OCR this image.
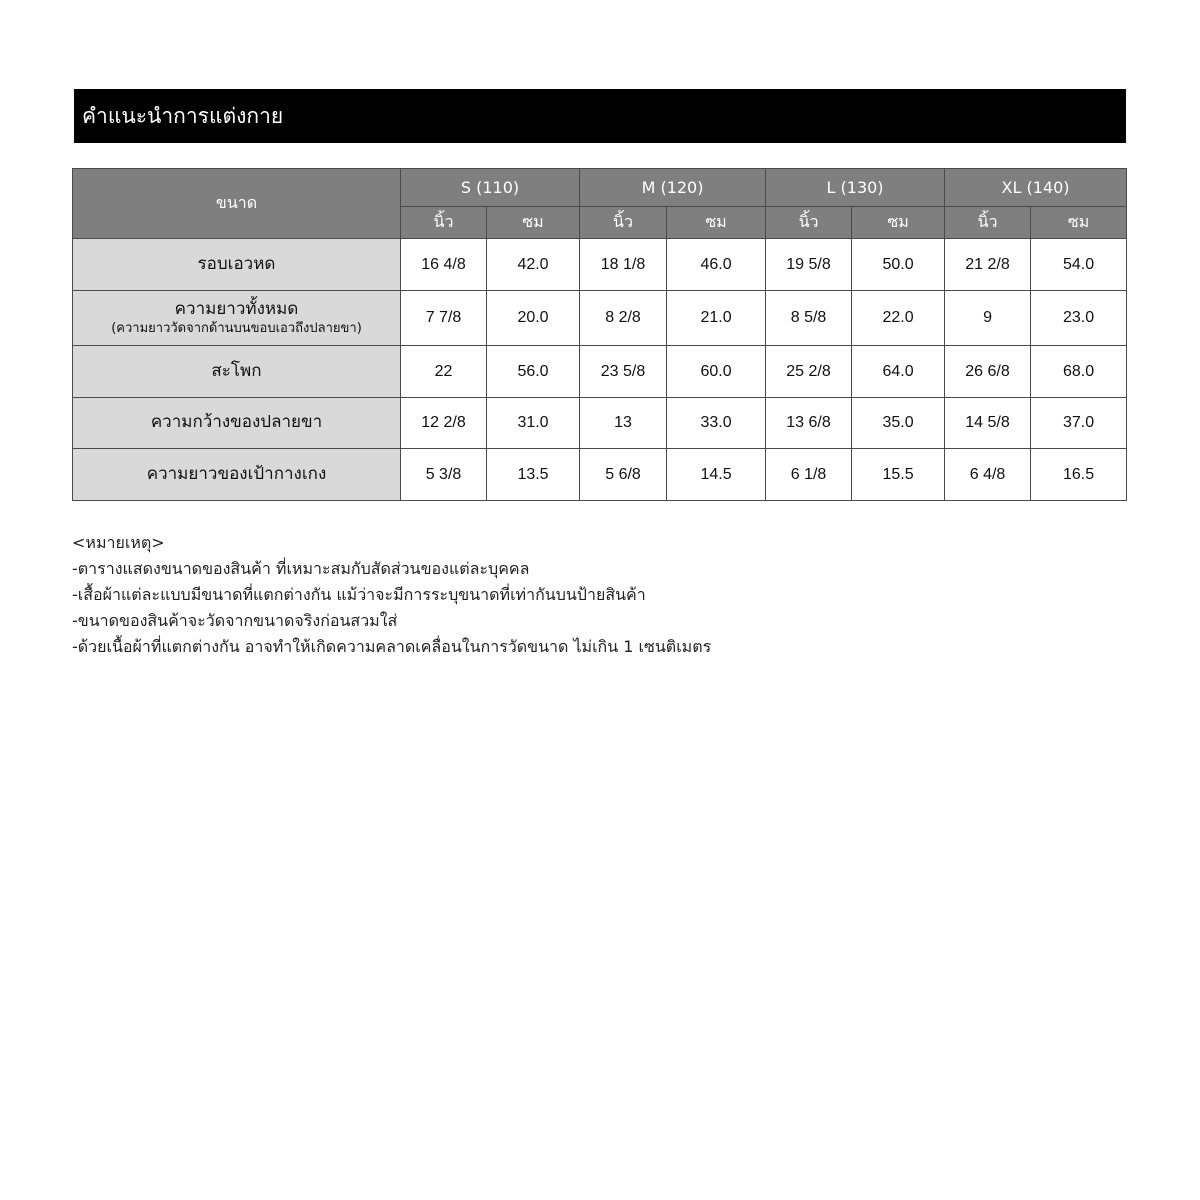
คำแนะนำการแต่งกาย
ขนาด	S (110)		M (120)		L (130)		XL (140)	
	นิ้ว	ซม	นิ้ว	ซม	นิ้ว	ซม	นิ้ว	ซม
รอบเอวหด	16 4/8	42.0	18 1/8	46.0	19 5/8	50.0	21 2/8	54.0
ความยาวทั้งหมด
(ความยาววัดจากด้านบนขอบเอวถึงปลายขา)	7 7/8	20.0	8 2/8	21.0	8 5/8	22.0	9	23.0
สะโพก	22	56.0	23 5/8	60.0	25 2/8	64.0	26 6/8	68.0
ความกว้างของปลายขา	12 2/8	31.0	13	33.0	13 6/8	35.0	14 5/8	37.0
ความยาวของเป้ากางเกง	5 3/8	13.5	5 6/8	14.5	6 1/8	15.5	6 4/8	16.5
<หมายเหตุ>
-ตารางแสดงขนาดของสินค้า ที่เหมาะสมกับสัดส่วนของแต่ละบุคคล
-เสื้อผ้าแต่ละแบบมีขนาดที่แตกต่างกัน แม้ว่าจะมีการระบุขนาดที่เท่ากันบนป้ายสินค้า
-ขนาดของสินค้าจะวัดจากขนาดจริงก่อนสวมใส่
-ด้วยเนื้อผ้าที่แตกต่างกัน อาจทำให้เกิดความคลาดเคลื่อนในการวัดขนาด ไม่เกิน 1 เซนติเมตร
